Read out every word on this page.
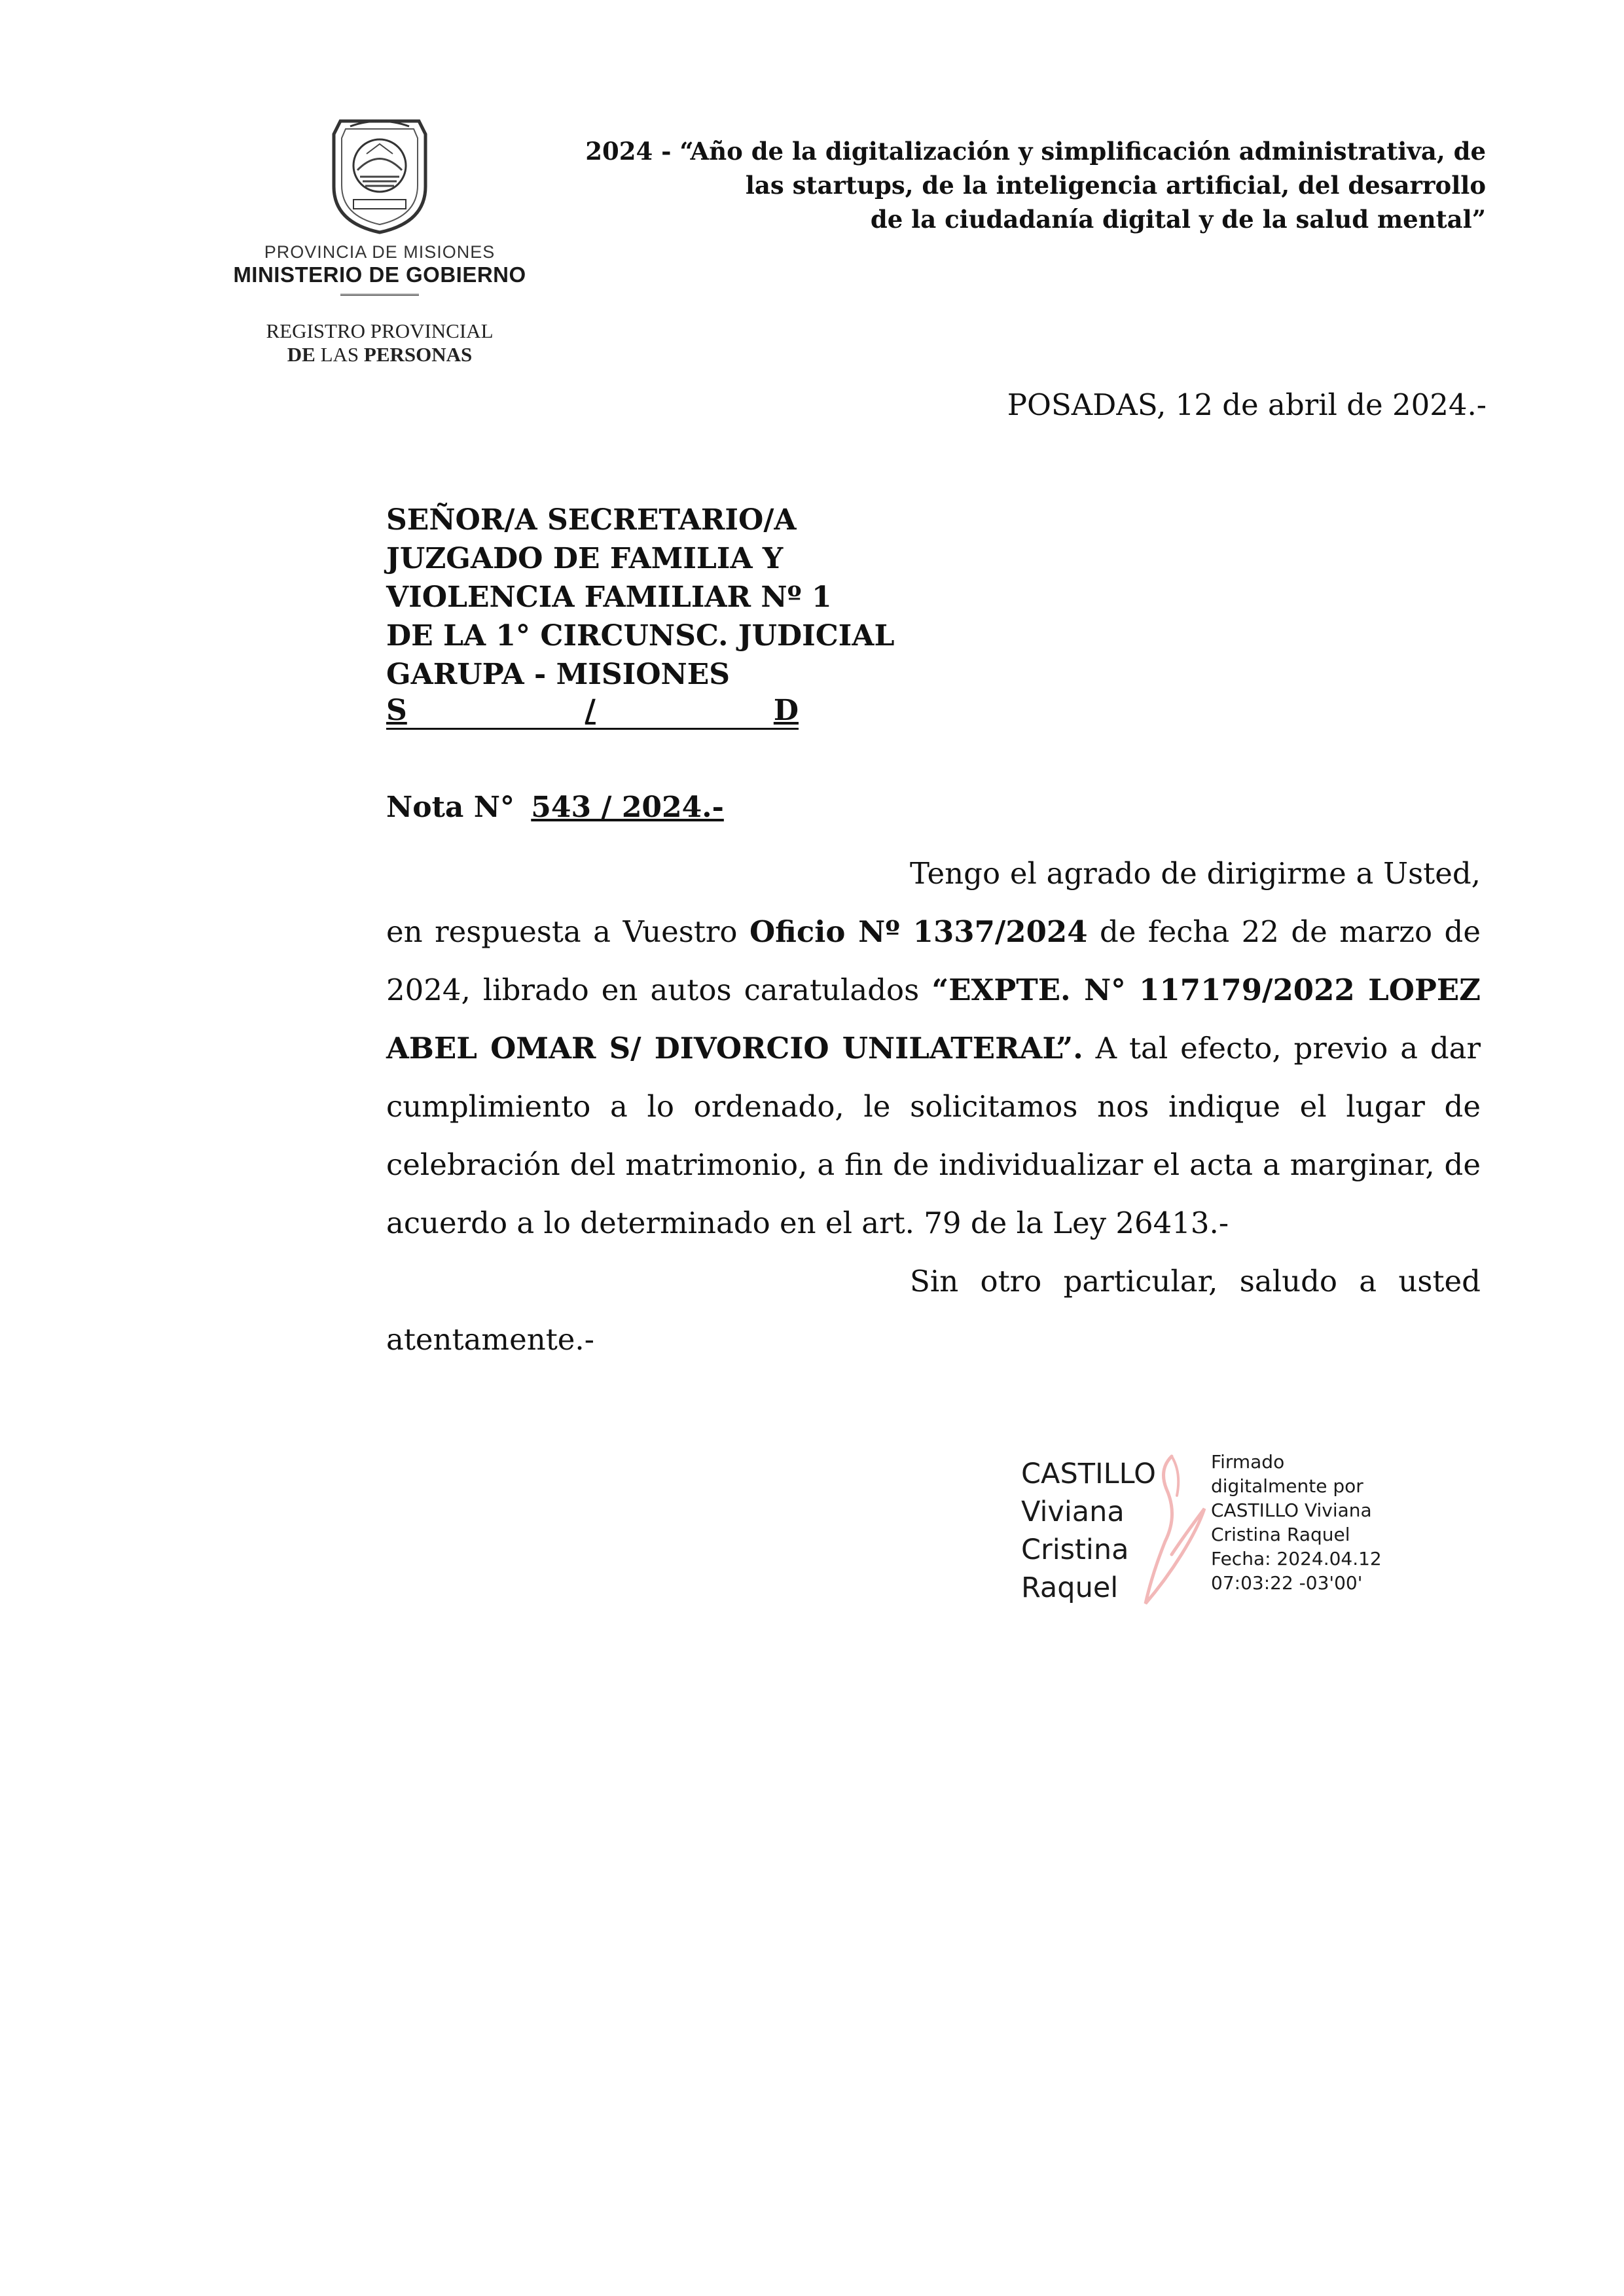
PROVINCIA DE MISIONES
MINISTERIO DE GOBIERNO
REGISTRO PROVINCIAL
DE LAS PERSONAS
2024 - “Año de la digitalización y simplificación administrativa, de
las startups, de la inteligencia artificial, del desarrollo
de la ciudadanía digital y de la salud mental”
POSADAS, 12 de abril de 2024.-
SEÑOR/A SECRETARIO/A
JUZGADO DE FAMILIA Y
VIOLENCIA FAMILIAR Nº 1
DE LA 1° CIRCUNSC. JUDICIAL
GARUPA - MISIONES
S	/	D
Nota N° 543 / 2024.-

Tengo el agrado de dirigirme a Usted, en respuesta a Vuestro Oficio Nº 1337/2024 de fecha 22 de marzo de 2024, librado en autos caratulados “EXPTE. N° 117179/2022 LOPEZ ABEL OMAR S/ DIVORCIO UNILATERAL”. A tal efecto, previo a dar cumplimiento a lo ordenado, le solicitamos nos indique el lugar de celebración del matrimonio, a fin de individualizar el acta a marginar, de acuerdo a lo determinado en el art. 79 de la Ley 26413.-

Sin otro particular, saludo a usted atentamente.-

CASTILLO
Viviana
Cristina
Raquel
Firmado
digitalmente por
CASTILLO Viviana
Cristina Raquel
Fecha: 2024.04.12
07:03:22 -03'00'
